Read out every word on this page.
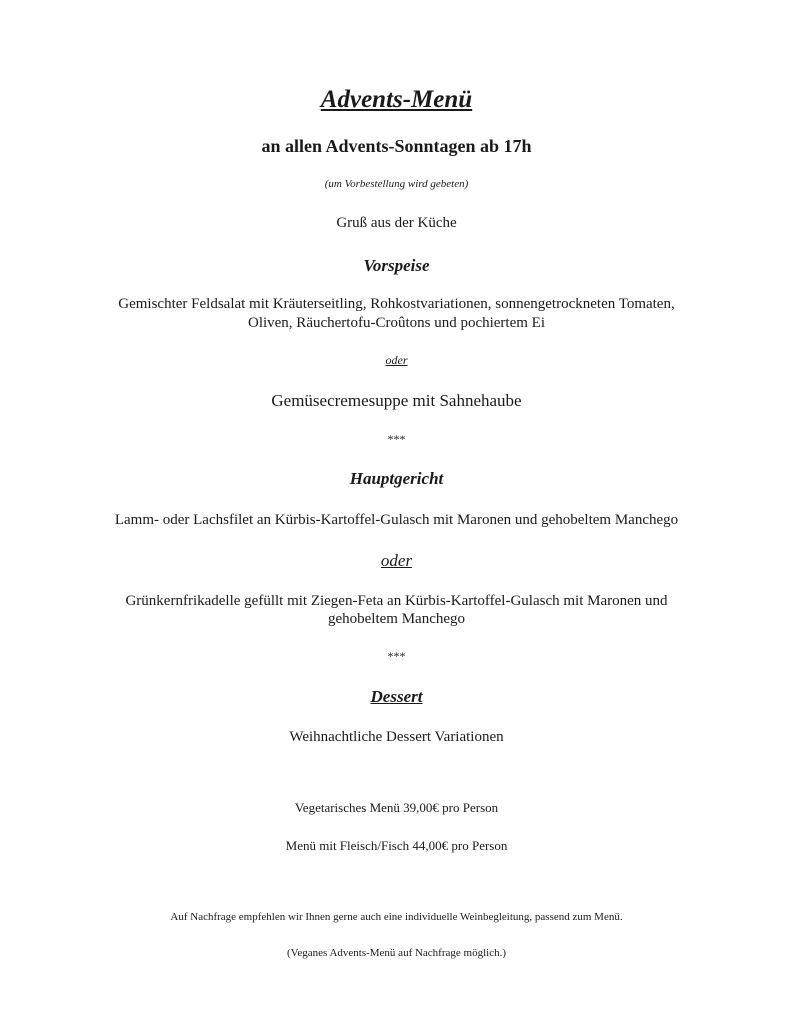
Advents-Menü
an allen Advents-Sonntagen ab 17h
(um Vorbestellung wird gebeten)
Gruß aus der Küche
Vorspeise
Gemischter Feldsalat mit Kräuterseitling, Rohkostvariationen, sonnengetrockneten Tomaten,
Oliven, Räuchertofu-Croûtons und pochiertem Ei
oder
Gemüsecremesuppe mit Sahnehaube
***
Hauptgericht
Lamm- oder Lachsfilet an Kürbis-Kartoffel-Gulasch mit Maronen und gehobeltem Manchego
oder
Grünkernfrikadelle gefüllt mit Ziegen-Feta an Kürbis-Kartoffel-Gulasch mit Maronen und
gehobeltem Manchego
***
Dessert
Weihnachtliche Dessert Variationen
Vegetarisches Menü 39,00€ pro Person
Menü mit Fleisch/Fisch 44,00€ pro Person
Auf Nachfrage empfehlen wir Ihnen gerne auch eine individuelle Weinbegleitung, passend zum Menü.
(Veganes Advents-Menü auf Nachfrage möglich.)
